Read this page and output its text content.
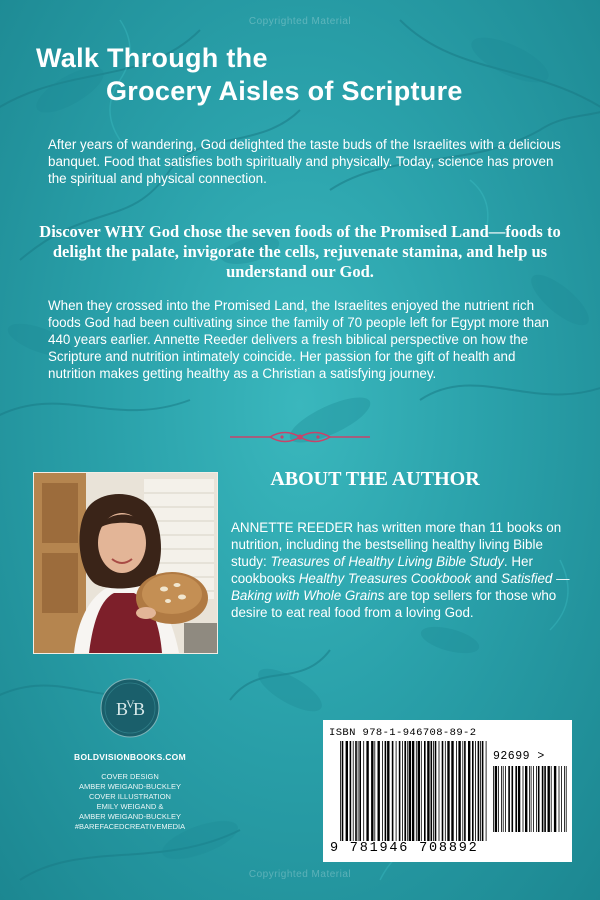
Copyrighted Material
Walk Through the
Grocery Aisles of Scripture
After years of wandering, God delighted the taste buds of the Israelites with a delicious banquet. Food that satisfies both spiritually and physically. Today, science has proven the spiritual and physical connection.
Discover WHY God chose the seven foods of the Promised Land—foods to delight the palate, invigorate the cells, rejuvenate stamina, and help us understand our God.
When they crossed into the Promised Land, the Israelites enjoyed the nutrient rich foods God had been cultivating since the family of 70 people left for Egypt more than 440 years earlier. Annette Reeder delivers a fresh biblical perspective on how the Scripture and nutrition intimately coincide. Her passion for the gift of health and nutrition makes getting healthy as a Christian a satisfying journey.
ABOUT THE AUTHOR
ANNETTE REEDER has written more than 11 books on nutrition, including the bestselling healthy living Bible study: Treasures of Healthy Living Bible Study. Her cookbooks Healthy Treasures Cookbook and Satisfied — Baking with Whole Grains are top sellers for those who desire to eat real food from a loving God.
B
V
B
BOLDVISIONBOOKS.COM
COVER DESIGN
AMBER WEIGAND-BUCKLEY
COVER ILLUSTRATION
EMILY WEIGAND &
AMBER WEIGAND-BUCKLEY
#BAREFACEDCREATIVEMEDIA
ISBN 978-1-946708-89-2
92699 >
9 781946 708892
Copyrighted Material
